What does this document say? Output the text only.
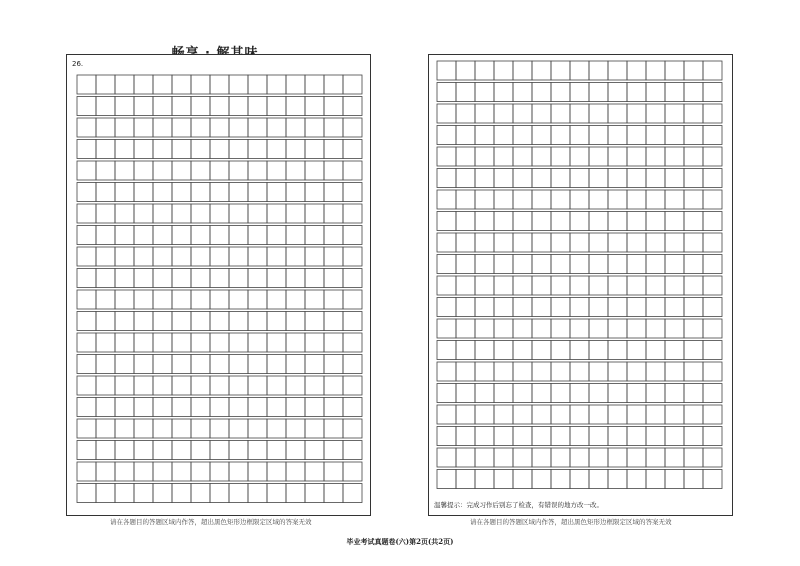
26.
温馨提示：完成习作后别忘了检查，有错误的地方改一改。
请在各题目的答题区域内作答，超出黑色矩形边框限定区域的答案无效	请在各题目的答题区域内作答，超出黑色矩形边框限定区域的答案无效
毕业考试真题卷(六)第2页(共2页)
